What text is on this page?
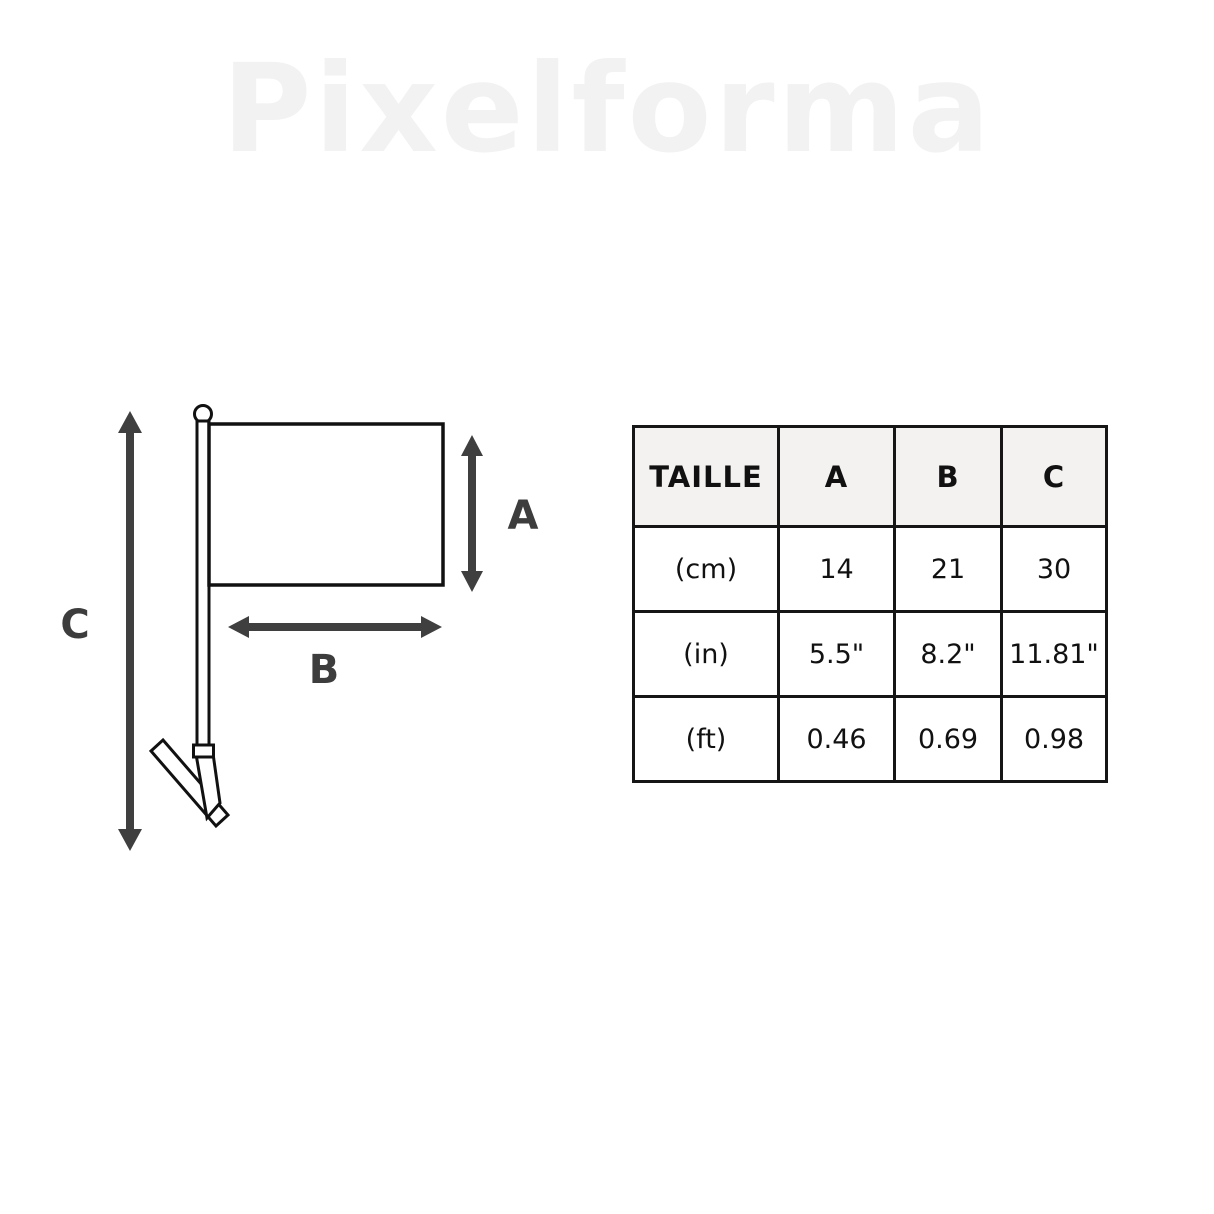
Pixelforma
A
B
C
TAILLE	A	B	C
(cm)	14	21	30
(in)	5.5"	8.2"	11.81"
(ft)	0.46	0.69	0.98
